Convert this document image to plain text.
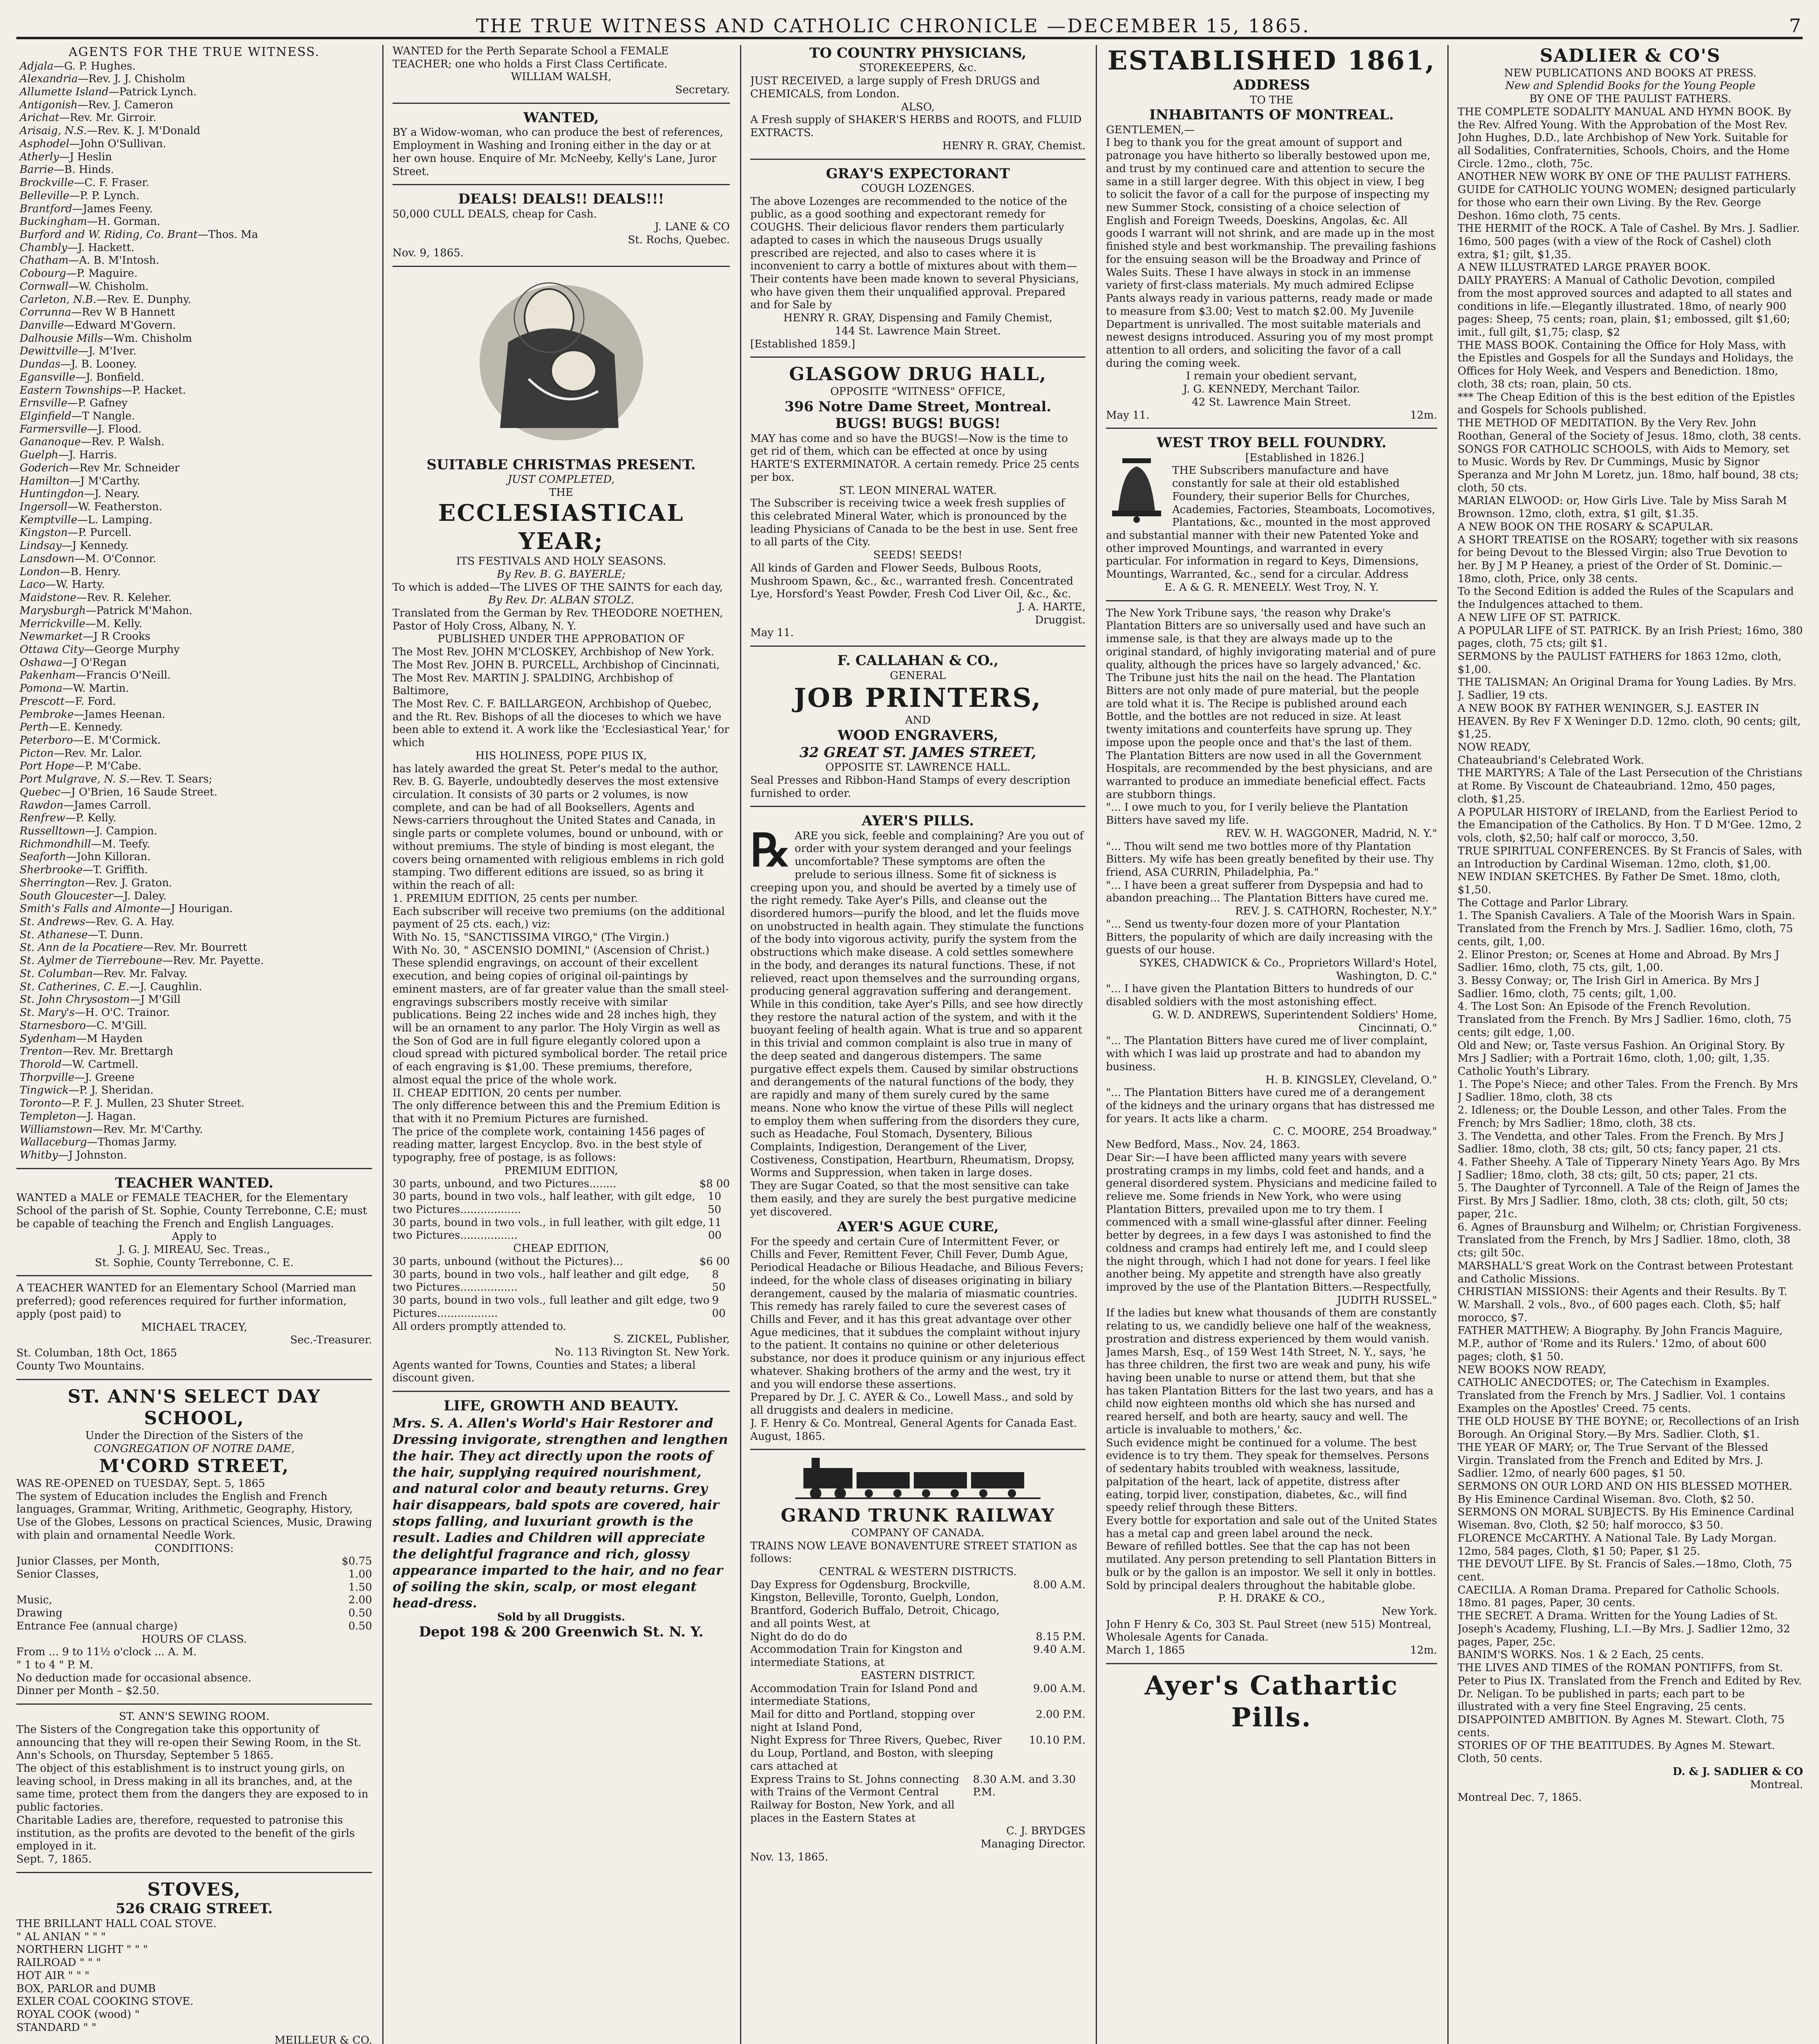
THE TRUE WITNESS AND CATHOLIC CHRONICLE —DECEMBER 15, 1865.	7
AGENTS FOR THE TRUE WITNESS.
Adjala—G. P. Hughes.
Alexandria—Rev. J. J. Chisholm
Allumette Island—Patrick Lynch.
Antigonish—Rev. J. Cameron
Arichat—Rev. Mr. Girroir.
Arisaig, N.S.—Rev. K. J. M'Donald
Asphodel—John O'Sullivan.
Atherly—J Heslin
Barrie—B. Hinds.
Brockville—C. F. Fraser.
Belleville—P. P. Lynch.
Brantford—James Feeny.
Buckingham—H. Gorman.
Burford and W. Riding, Co. Brant—Thos. Ma
Chambly—J. Hackett.
Chatham—A. B. M'Intosh.
Cobourg—P. Maguire.
Cornwall—W. Chisholm.
Carleton, N.B.—Rev. E. Dunphy.
Corrunna—Rev W B Hannett
Danville—Edward M'Govern.
Dalhousie Mills—Wm. Chisholm
Dewittville—J. M'Iver.
Dundas—J. B. Looney.
Egansville—J. Bonfield.
Eastern Townships—P. Hacket.
Ernsville—P. Gafney
Elginfield—T Nangle.
Farmersville—J. Flood.
Gananoque—Rev. P. Walsh.
Guelph—J. Harris.
Goderich—Rev Mr. Schneider
Hamilton—J M'Carthy.
Huntingdon—J. Neary.
Ingersoll—W. Featherston.
Kemptville—L. Lamping.
Kingston—P. Purcell.
Lindsay—J Kennedy.
Lansdown—M. O'Connor.
London—B. Henry.
Laco—W. Harty.
Maidstone—Rev. R. Keleher.
Marysburgh—Patrick M'Mahon.
Merrickville—M. Kelly.
Newmarket—J R Crooks
Ottawa City—George Murphy
Oshawa—J O'Regan
Pakenham—Francis O'Neill.
Pomona—W. Martin.
Prescott—F. Ford.
Pembroke—James Heenan.
Perth—E. Kennedy.
Peterboro—E. M'Cormick.
Picton—Rev. Mr. Lalor.
Port Hope—P. M'Cabe.
Port Mulgrave, N. S.—Rev. T. Sears;
Quebec—J O'Brien, 16 Saude Street.
Rawdon—James Carroll.
Renfrew—P. Kelly.
Russelltown—J. Campion.
Richmondhill—M. Teefy.
Seaforth—John Killoran.
Sherbrooke—T. Griffith.
Sherrington—Rev. J. Graton.
South Gloucester—J. Daley.
Smith's Falls and Almonte—J Hourigan.
St. Andrews—Rev. G. A. Hay.
St. Athanese—T. Dunn.
St. Ann de la Pocatiere—Rev. Mr. Bourrett
St. Aylmer de Tierreboune—Rev. Mr. Payette.
St. Columban—Rev. Mr. Falvay.
St. Catherines, C. E.—J. Caughlin.
St. John Chrysostom—J M'Gill
St. Mary's—H. O'C. Trainor.
Starnesboro—C. M'Gill.
Sydenham—M Hayden
Trenton—Rev. Mr. Brettargh
Thorold—W. Cartmell.
Thorpville—J. Greene
Tingwick—P. J. Sheridan.
Toronto—P. F. J. Mullen, 23 Shuter Street.
Templeton—J. Hagan.
Williamstown—Rev. Mr. M'Carthy.
Wallaceburg—Thomas Jarmy.
Whitby—J Johnston.
TEACHER WANTED.
WANTED a MALE or FEMALE TEACHER, for the Elementary School of the parish of St. Sophie, County Terrebonne, C.E; must be capable of teaching the French and English Languages.
Apply to
J. G. J. MIREAU, Sec. Treas.,
St. Sophie, County Terrebonne, C. E.
A TEACHER WANTED for an Elementary School (Married man preferred); good references required for further information, apply (post paid) to
MICHAEL TRACEY,
Sec.-Treasurer.
St. Columban, 18th Oct, 1865
County Two Mountains.
ST. ANN'S SELECT DAY SCHOOL,
Under the Direction of the Sisters of the
CONGREGATION OF NOTRE DAME,
M'CORD STREET,
WAS RE-OPENED on TUESDAY, Sept. 5, 1865
The system of Education includes the English and French languages, Grammar, Writing, Arithmetic, Geography, History, Use of the Globes, Lessons on practical Sciences, Music, Drawing with plain and ornamental Needle Work.
CONDITIONS:
Junior Classes, per Month,	$0.75
Senior Classes,	1.00
1.50
Music,	2.00
Drawing	0.50
Entrance Fee (annual charge)	0.50
HOURS OF CLASS.
From ... 9 to 11½ o'clock ... A. M.
" 1 to 4 " P. M.
No deduction made for occasional absence.
Dinner per Month – $2.50.
ST. ANN'S SEWING ROOM.
The Sisters of the Congregation take this opportunity of announcing that they will re-open their Sewing Room, in the St. Ann's Schools, on Thursday, September 5 1865.
The object of this establishment is to instruct young girls, on leaving school, in Dress making in all its branches, and, at the same time, protect them from the dangers they are exposed to in public factories.
Charitable Ladies are, therefore, requested to patronise this institution, as the profits are devoted to the benefit of the girls employed in it.
Sept. 7, 1865.
STOVES,
526 CRAIG STREET.
THE BRILLANT HALL COAL STOVE.
" AL ANIAN " " "
NORTHERN LIGHT " " "
RAILROAD " " "
HOT AIR " " "
BOX, PARLOR and DUMB
EXLER COAL COOKING STOVE.
ROYAL COOK (wood) "
STANDARD " "
MEILLEUR & CO.
WANTED for the Perth Separate School a FEMALE TEACHER; one who holds a First Class Certificate.
WILLIAM WALSH,
Secretary.
WANTED,
BY a Widow-woman, who can produce the best of references, Employment in Washing and Ironing either in the day or at her own house. Enquire of Mr. McNeeby, Kelly's Lane, Juror Street.
DEALS! DEALS!! DEALS!!!
50,000 CULL DEALS, cheap for Cash.
J. LANE & CO
St. Rochs, Quebec.
Nov. 9, 1865.
SUITABLE CHRISTMAS PRESENT.
JUST COMPLETED,
THE
ECCLESIASTICAL YEAR;
ITS FESTIVALS AND HOLY SEASONS.
By Rev. B. G. BAYERLE;
To which is added—The LIVES OF THE SAINTS for each day,
By Rev. Dr. ALBAN STOLZ.
Translated from the German by Rev. THEODORE NOETHEN, Pastor of Holy Cross, Albany, N. Y.
PUBLISHED UNDER THE APPROBATION OF
The Most Rev. JOHN M'CLOSKEY, Archbishop of New York.
The Most Rev. JOHN B. PURCELL, Archbishop of Cincinnati,
The Most Rev. MARTIN J. SPALDING, Archbishop of Baltimore,
The Most Rev. C. F. BAILLARGEON, Archbishop of Quebec,
and the Rt. Rev. Bishops of all the dioceses to which we have been able to extend it. A work like the 'Ecclesiastical Year,' for which
HIS HOLINESS, POPE PIUS IX,
has lately awarded the great St. Peter's medal to the author, Rev. B. G. Bayerle, undoubtedly deserves the most extensive circulation. It consists of 30 parts or 2 volumes, is now complete, and can be had of all Booksellers, Agents and News-carriers throughout the United States and Canada, in single parts or complete volumes, bound or unbound, with or without premiums. The style of binding is most elegant, the covers being ornamented with religious emblems in rich gold stamping. Two different editions are issued, so as bring it within the reach of all:
1. PREMIUM EDITION, 25 cents per number.
Each subscriber will receive two premiums (on the additional payment of 25 cts. each,) viz:
With No. 15, "SANCTISSIMA VIRGO," (The Virgin.)
With No. 30, " ASCENSIO DOMINI," (Ascension of Christ.)
These splendid engravings, on account of their excellent execution, and being copies of original oil-paintings by eminent masters, are of far greater value than the small steel-engravings subscribers mostly receive with similar publications. Being 22 inches wide and 28 inches high, they will be an ornament to any parlor. The Holy Virgin as well as the Son of God are in full figure elegantly colored upon a cloud spread with pictured symbolical border. The retail price of each engraving is $1,00. These premiums, therefore, almost equal the price of the whole work.
II. CHEAP EDITION, 20 cents per number.
The only difference between this and the Premium Edition is that with it no Premium Pictures are furnished.
The price of the complete work, containing 1456 pages of reading matter, largest Encyclop. 8vo. in the best style of typography, free of postage, is as follows:
PREMIUM EDITION,
30 parts, unbound, and two Pictures........	$8 00
30 parts, bound in two vols., half leather, with gilt edge, two Pictures..................
10 50
30 parts, bound in two vols., in full leather, with gilt edge, two Pictures.................
11 00
CHEAP EDITION,
30 parts, unbound (without the Pictures)...	$6 00
30 parts, bound in two vols., half leather and gilt edge, two Pictures.................
8 50
30 parts, bound in two vols., full leather and gilt edge, two Pictures..................
9 00
All orders promptly attended to.
S. ZICKEL, Publisher,
No. 113 Rivington St. New York.
Agents wanted for Towns, Counties and States; a liberal discount given.
LIFE, GROWTH AND BEAUTY.
Mrs. S. A. Allen's World's Hair Restorer and Dressing invigorate, strengthen and lengthen the hair. They act directly upon the roots of the hair, supplying required nourishment, and natural color and beauty returns. Grey hair disappears, bald spots are covered, hair stops falling, and luxuriant growth is the result. Ladies and Children will appreciate the delightful fragrance and rich, glossy appearance imparted to the hair, and no fear of soiling the skin, scalp, or most elegant head-dress.
Sold by all Druggists.
Depot 198 & 200 Greenwich St. N. Y.
TO COUNTRY PHYSICIANS,
STOREKEEPERS, &c.
JUST RECEIVED, a large supply of Fresh DRUGS and CHEMICALS, from London.
ALSO,
A Fresh supply of SHAKER'S HERBS and ROOTS, and FLUID EXTRACTS.
HENRY R. GRAY, Chemist.
GRAY'S EXPECTORANT
COUGH LOZENGES.
The above Lozenges are recommended to the notice of the public, as a good soothing and expectorant remedy for COUGHS. Their delicious flavor renders them particularly adapted to cases in which the nauseous Drugs usually prescribed are rejected, and also to cases where it is inconvenient to carry a bottle of mixtures about with them—Their contents have been made known to several Physicians, who have given them their unqualified approval. Prepared and for Sale by
HENRY R. GRAY, Dispensing and Family Chemist,
144 St. Lawrence Main Street.
[Established 1859.]
GLASGOW DRUG HALL,
OPPOSITE "WITNESS" OFFICE,
396 Notre Dame Street, Montreal.
BUGS! BUGS! BUGS!
MAY has come and so have the BUGS!—Now is the time to get rid of them, which can be effected at once by using HARTE'S EXTERMINATOR. A certain remedy. Price 25 cents per box.
ST. LEON MINERAL WATER.
The Subscriber is receiving twice a week fresh supplies of this celebrated Mineral Water, which is pronounced by the leading Physicians of Canada to be the best in use. Sent free to all parts of the City.
SEEDS! SEEDS!
All kinds of Garden and Flower Seeds, Bulbous Roots, Mushroom Spawn, &c., &c., warranted fresh. Concentrated Lye, Horsford's Yeast Powder, Fresh Cod Liver Oil, &c., &c.
J. A. HARTE,
Druggist.
May 11.
F. CALLAHAN & CO.,
GENERAL
JOB PRINTERS,
AND
WOOD ENGRAVERS,
32 GREAT ST. JAMES STREET,
OPPOSITE ST. LAWRENCE HALL.
Seal Presses and Ribbon-Hand Stamps of every description furnished to order.
AYER'S PILLS.
℞ ARE you sick, feeble and complaining? Are you out of order with your system deranged and your feelings uncomfortable? These symptoms are often the prelude to serious illness. Some fit of sickness is creeping upon you, and should be averted by a timely use of the right remedy. Take Ayer's Pills, and cleanse out the disordered humors—purify the blood, and let the fluids move on unobstructed in health again. They stimulate the functions of the body into vigorous activity, purify the system from the obstructions which make disease. A cold settles somewhere in the body, and deranges its natural functions. These, if not relieved, react upon themselves and the surrounding organs, producing general aggravation suffering and derangement. While in this condition, take Ayer's Pills, and see how directly they restore the natural action of the system, and with it the buoyant feeling of health again. What is true and so apparent in this trivial and common complaint is also true in many of the deep seated and dangerous distempers. The same purgative effect expels them. Caused by similar obstructions and derangements of the natural functions of the body, they are rapidly and many of them surely cured by the same means. None who know the virtue of these Pills will neglect to employ them when suffering from the disorders they cure, such as Headache, Foul Stomach, Dysentery, Bilious Complaints, Indigestion, Derangement of the Liver, Costiveness, Constipation, Heartburn, Rheumatism, Dropsy, Worms and Suppression, when taken in large doses.
They are Sugar Coated, so that the most sensitive can take them easily, and they are surely the best purgative medicine yet discovered.
AYER'S AGUE CURE,
For the speedy and certain Cure of Intermittent Fever, or Chills and Fever, Remittent Fever, Chill Fever, Dumb Ague, Periodical Headache or Bilious Headache, and Bilious Fevers; indeed, for the whole class of diseases originating in biliary derangement, caused by the malaria of miasmatic countries.
This remedy has rarely failed to cure the severest cases of Chills and Fever, and it has this great advantage over other Ague medicines, that it subdues the complaint without injury to the patient. It contains no quinine or other deleterious substance, nor does it produce quinism or any injurious effect whatever. Shaking brothers of the army and the west, try it and you will endorse these assertions.
Prepared by Dr. J. C. AYER & Co., Lowell Mass., and sold by all druggists and dealers in medicine.
J. F. Henry & Co. Montreal, General Agents for Canada East.
August, 1865.
GRAND TRUNK RAILWAY
COMPANY OF CANADA.
TRAINS NOW LEAVE BONAVENTURE STREET STATION as follows:
CENTRAL & WESTERN DISTRICTS.
Day Express for Ogdensburg, Brockville, Kingston, Belleville, Toronto, Guelph, London, Brantford, Goderich Buffalo, Detroit, Chicago, and all points West, at
8.00 A.M.
Night do do do do	8.15 P.M.
Accommodation Train for Kingston and intermediate Stations, at
9.40 A.M.
EASTERN DISTRICT.
Accommodation Train for Island Pond and intermediate Stations,
9.00 A.M.
Mail for ditto and Portland, stopping over night at Island Pond,
2.00 P.M.
Night Express for Three Rivers, Quebec, River du Loup, Portland, and Boston, with sleeping cars attached at
10.10 P.M.
Express Trains to St. Johns connecting with Trains of the Vermont Central Railway for Boston, New York, and all places in the Eastern States at
8.30 A.M. and 3.30 P.M.
C. J. BRYDGES
Managing Director.
Nov. 13, 1865.
ESTABLISHED 1861,
ADDRESS
TO THE
INHABITANTS OF MONTREAL.
GENTLEMEN,—
I beg to thank you for the great amount of support and patronage you have hitherto so liberally bestowed upon me, and trust by my continued care and attention to secure the same in a still larger degree. With this object in view, I beg to solicit the favor of a call for the purpose of inspecting my new Summer Stock, consisting of a choice selection of English and Foreign Tweeds, Doeskins, Angolas, &c. All goods I warrant will not shrink, and are made up in the most finished style and best workmanship. The prevailing fashions for the ensuing season will be the Broadway and Prince of Wales Suits. These I have always in stock in an immense variety of first-class materials. My much admired Eclipse Pants always ready in various patterns, ready made or made to measure from $3.00; Vest to match $2.00. My Juvenile Department is unrivalled. The most suitable materials and newest designs introduced. Assuring you of my most prompt attention to all orders, and soliciting the favor of a call during the coming week.
I remain your obedient servant,
J. G. KENNEDY, Merchant Tailor.
42 St. Lawrence Main Street.
May 11.	12m.
WEST TROY BELL FOUNDRY.
[Established in 1826.]
THE Subscribers manufacture and have constantly for sale at their old established Foundery, their superior Bells for Churches, Academies, Factories, Steamboats, Locomotives, Plantations, &c., mounted in the most approved and substantial manner with their new Patented Yoke and other improved Mountings, and warranted in every particular. For information in regard to Keys, Dimensions, Mountings, Warranted, &c., send for a circular. Address
E. A & G. R. MENEELY. West Troy, N. Y.
The New York Tribune says, 'the reason why Drake's Plantation Bitters are so universally used and have such an immense sale, is that they are always made up to the original standard, of highly invigorating material and of pure quality, although the prices have so largely advanced,' &c.
The Tribune just hits the nail on the head. The Plantation Bitters are not only made of pure material, but the people are told what it is. The Recipe is published around each Bottle, and the bottles are not reduced in size. At least twenty imitations and counterfeits have sprung up. They impose upon the people once and that's the last of them.
The Plantation Bitters are now used in all the Government Hospitals, are recommended by the best physicians, and are warranted to produce an immediate beneficial effect. Facts are stubborn things.
"... I owe much to you, for I verily believe the Plantation Bitters have saved my life.
REV. W. H. WAGGONER, Madrid, N. Y."
"... Thou wilt send me two bottles more of thy Plantation Bitters. My wife has been greatly benefited by their use. Thy friend, ASA CURRIN, Philadelphia, Pa."
"... I have been a great sufferer from Dyspepsia and had to abandon preaching... The Plantation Bitters have cured me.
REV. J. S. CATHORN, Rochester, N.Y."
"... Send us twenty-four dozen more of your Plantation Bitters, the popularity of which are daily increasing with the guests of our house.
SYKES, CHADWICK & Co., Proprietors Willard's Hotel, Washington, D. C."
"... I have given the Plantation Bitters to hundreds of our disabled soldiers with the most astonishing effect.
G. W. D. ANDREWS, Superintendent Soldiers' Home, Cincinnati, O."
"... The Plantation Bitters have cured me of liver complaint, with which I was laid up prostrate and had to abandon my business.
H. B. KINGSLEY, Cleveland, O."
"... The Plantation Bitters have cured me of a derangement of the kidneys and the urinary organs that has distressed me for years. It acts like a charm.
C. C. MOORE, 254 Broadway."
New Bedford, Mass., Nov. 24, 1863.
Dear Sir:—I have been afflicted many years with severe prostrating cramps in my limbs, cold feet and hands, and a general disordered system. Physicians and medicine failed to relieve me. Some friends in New York, who were using Plantation Bitters, prevailed upon me to try them. I commenced with a small wine-glassful after dinner. Feeling better by degrees, in a few days I was astonished to find the coldness and cramps had entirely left me, and I could sleep the night through, which I had not done for years. I feel like another being. My appetite and strength have also greatly improved by the use of the Plantation Bitters.—Respectfully,
JUDITH RUSSEL."
If the ladies but knew what thousands of them are constantly relating to us, we candidly believe one half of the weakness, prostration and distress experienced by them would vanish. James Marsh, Esq., of 159 West 14th Street, N. Y., says, 'he has three children, the first two are weak and puny, his wife having been unable to nurse or attend them, but that she has taken Plantation Bitters for the last two years, and has a child now eighteen months old which she has nursed and reared herself, and both are hearty, saucy and well. The article is invaluable to mothers,' &c.
Such evidence might be continued for a volume. The best evidence is to try them. They speak for themselves. Persons of sedentary habits troubled with weakness, lassitude, palpitation of the heart, lack of appetite, distress after eating, torpid liver, constipation, diabetes, &c., will find speedy relief through these Bitters.
Every bottle for exportation and sale out of the United States has a metal cap and green label around the neck.
Beware of refilled bottles. See that the cap has not been mutilated. Any person pretending to sell Plantation Bitters in bulk or by the gallon is an impostor. We sell it only in bottles.
Sold by principal dealers throughout the habitable globe.
P. H. DRAKE & CO.,
New York.
John F Henry & Co, 303 St. Paul Street (new 515) Montreal, Wholesale Agents for Canada.
March 1, 1865	12m.
Ayer's Cathartic Pills.
SADLIER & CO'S
NEW PUBLICATIONS AND BOOKS AT PRESS.
New and Splendid Books for the Young People
BY ONE OF THE PAULIST FATHERS.
THE COMPLETE SODALITY MANUAL AND HYMN BOOK. By the Rev. Alfred Young. With the Approbation of the Most Rev. John Hughes, D.D., late Archbishop of New York. Suitable for all Sodalities, Confraternities, Schools, Choirs, and the Home Circle. 12mo., cloth, 75c.
ANOTHER NEW WORK BY ONE OF THE PAULIST FATHERS.
GUIDE for CATHOLIC YOUNG WOMEN; designed particularly for those who earn their own Living. By the Rev. George Deshon. 16mo cloth, 75 cents.
THE HERMIT of the ROCK. A Tale of Cashel. By Mrs. J. Sadlier. 16mo, 500 pages (with a view of the Rock of Cashel) cloth extra, $1; gilt, $1,35.
A NEW ILLUSTRATED LARGE PRAYER BOOK.
DAILY PRAYERS: A Manual of Catholic Devotion, compiled from the most approved sources and adapted to all states and conditions in life.—Elegantly illustrated. 18mo, of nearly 900 pages: Sheep, 75 cents; roan, plain, $1; embossed, gilt $1,60; imit., full gilt, $1,75; clasp, $2
THE MASS BOOK. Containing the Office for Holy Mass, with the Epistles and Gospels for all the Sundays and Holidays, the Offices for Holy Week, and Vespers and Benediction. 18mo, cloth, 38 cts; roan, plain, 50 cts.
*** The Cheap Edition of this is the best edition of the Epistles and Gospels for Schools published.
THE METHOD OF MEDITATION. By the Very Rev. John Roothan, General of the Society of Jesus. 18mo, cloth, 38 cents.
SONGS FOR CATHOLIC SCHOOLS, with Aids to Memory, set to Music. Words by Rev. Dr Cummings, Music by Signor Speranza and Mr John M Loretz, jun. 18mo, half bound, 38 cts; cloth, 50 cts.
MARIAN ELWOOD: or, How Girls Live. Tale by Miss Sarah M Brownson. 12mo, cloth, extra, $1 gilt, $1.35.
A NEW BOOK ON THE ROSARY & SCAPULAR.
A SHORT TREATISE on the ROSARY; together with six reasons for being Devout to the Blessed Virgin; also True Devotion to her. By J M P Heaney, a priest of the Order of St. Dominic.—18mo, cloth, Price, only 38 cents.
To the Second Edition is added the Rules of the Scapulars and the Indulgences attached to them.
A NEW LIFE OF ST. PATRICK.
A POPULAR LIFE of ST. PATRICK. By an Irish Priest; 16mo, 380 pages, cloth, 75 cts; gilt $1.
SERMONS by the PAULIST FATHERS for 1863 12mo, cloth, $1,00.
THE TALISMAN; An Original Drama for Young Ladies. By Mrs. J. Sadlier, 19 cts.
A NEW BOOK BY FATHER WENINGER, S.J. EASTER IN HEAVEN. By Rev F X Weninger D.D. 12mo. cloth, 90 cents; gilt, $1,25.
NOW READY,
Chateaubriand's Celebrated Work.
THE MARTYRS; A Tale of the Last Persecution of the Christians at Rome. By Viscount de Chateaubriand. 12mo, 450 pages, cloth, $1,25.
A POPULAR HISTORY of IRELAND, from the Earliest Period to the Emancipation of the Catholics. By Hon. T D M'Gee. 12mo, 2 vols, cloth, $2,50; half calf or morocco, 3,50.
TRUE SPIRITUAL CONFERENCES. By St Francis of Sales, with an Introduction by Cardinal Wiseman. 12mo, cloth, $1,00.
NEW INDIAN SKETCHES. By Father De Smet. 18mo, cloth, $1,50.
The Cottage and Parlor Library.
1. The Spanish Cavaliers. A Tale of the Moorish Wars in Spain. Translated from the French by Mrs. J. Sadlier. 16mo, cloth, 75 cents, gilt, 1,00.
2. Elinor Preston; or, Scenes at Home and Abroad. By Mrs J Sadlier. 16mo, cloth, 75 cts, gilt, 1,00.
3. Bessy Conway; or, The Irish Girl in America. By Mrs J Sadlier. 16mo, cloth, 75 cents; gilt, 1,00.
4. The Lost Son: An Episode of the French Revolution. Translated from the French. By Mrs J Sadlier. 16mo, cloth, 75 cents; gilt edge, 1,00.
Old and New; or, Taste versus Fashion. An Original Story. By Mrs J Sadlier; with a Portrait 16mo, cloth, 1,00; gilt, 1,35.
Catholic Youth's Library.
1. The Pope's Niece; and other Tales. From the French. By Mrs J Sadlier. 18mo, cloth, 38 cts
2. Idleness; or, the Double Lesson, and other Tales. From the French; by Mrs Sadlier; 18mo, cloth, 38 cts.
3. The Vendetta, and other Tales. From the French. By Mrs J Sadlier. 18mo, cloth, 38 cts; gilt, 50 cts; fancy paper, 21 cts.
4. Father Sheehy. A Tale of Tipperary Ninety Years Ago. By Mrs J Sadlier; 18mo, cloth, 38 cts; gilt, 50 cts; paper, 21 cts.
5. The Daughter of Tyrconnell. A Tale of the Reign of James the First. By Mrs J Sadlier. 18mo, cloth, 38 cts; cloth, gilt, 50 cts; paper, 21c.
6. Agnes of Braunsburg and Wilhelm; or, Christian Forgiveness. Translated from the French, by Mrs J Sadlier. 18mo, cloth, 38 cts; gilt 50c.
MARSHALL'S great Work on the Contrast between Protestant and Catholic Missions.
CHRISTIAN MISSIONS: their Agents and their Results. By T. W. Marshall. 2 vols., 8vo., of 600 pages each. Cloth, $5; half morocco, $7.
FATHER MATTHEW; A Biography. By John Francis Maguire, M.P., author of 'Rome and its Rulers.' 12mo, of about 600 pages; cloth, $1 50.
NEW BOOKS NOW READY,
CATHOLIC ANECDOTES; or, The Catechism in Examples. Translated from the French by Mrs. J Sadlier. Vol. 1 contains Examples on the Apostles' Creed. 75 cents.
THE OLD HOUSE BY THE BOYNE; or, Recollections of an Irish Borough. An Original Story.—By Mrs. Sadlier. Cloth, $1.
THE YEAR OF MARY; or, The True Servant of the Blessed Virgin. Translated from the French and Edited by Mrs. J. Sadlier. 12mo, of nearly 600 pages, $1 50.
SERMONS ON OUR LORD AND ON HIS BLESSED MOTHER. By His Eminence Cardinal Wiseman. 8vo. Cloth, $2 50.
SERMONS ON MORAL SUBJECTS. By His Eminence Cardinal Wiseman. 8vo, Cloth, $2 50; half morocco, $3 50.
FLORENCE McCARTHY. A National Tale. By Lady Morgan. 12mo, 584 pages, Cloth, $1 50; Paper, $1 25.
THE DEVOUT LIFE. By St. Francis of Sales.—18mo, Cloth, 75 cent.
CAECILIA. A Roman Drama. Prepared for Catholic Schools. 18mo. 81 pages, Paper, 30 cents.
THE SECRET. A Drama. Written for the Young Ladies of St. Joseph's Academy, Flushing, L.I.—By Mrs. J. Sadlier 12mo, 32 pages, Paper, 25c.
BANIM'S WORKS. Nos. 1 & 2 Each, 25 cents.
THE LIVES AND TIMES of the ROMAN PONTIFFS, from St. Peter to Pius IX. Translated from the French and Edited by Rev. Dr. Neligan. To be published in parts; each part to be illustrated with a very fine Steel Engraving, 25 cents.
DISAPPOINTED AMBITION. By Agnes M. Stewart. Cloth, 75 cents.
STORIES OF OF THE BEATITUDES. By Agnes M. Stewart. Cloth, 50 cents.
D. & J. SADLIER & CO
Montreal.
Montreal Dec. 7, 1865.
